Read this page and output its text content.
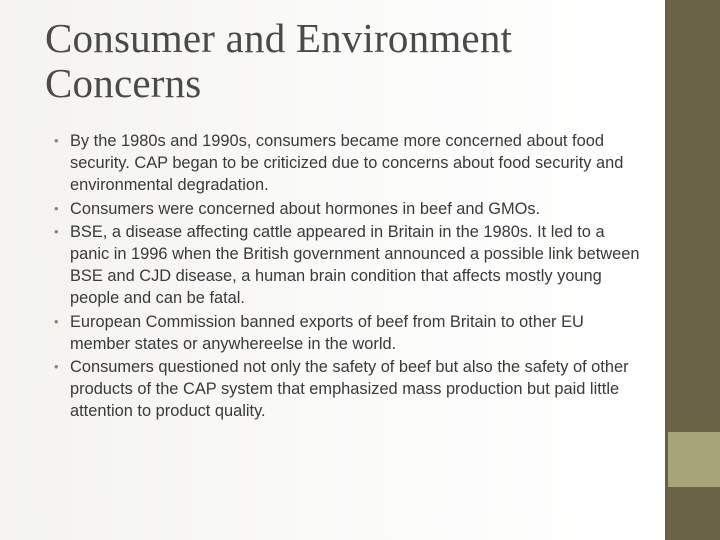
Consumer and Environment Concerns
• By the 1980s and 1990s, consumers became more concerned about food security. CAP began to be criticized due to concerns about food security and environmental degradation.
• Consumers were concerned about hormones in beef and GMOs.
• BSE, a disease affecting cattle appeared in Britain in the 1980s. It led to a panic in 1996 when the British government announced a possible link between BSE and CJD disease, a human brain condition that affects mostly young people and can be fatal.
• European Commission banned exports of beef from Britain to other EU member states or anywhereelse in the world.
• Consumers questioned not only the safety of beef but also the safety of other products of the CAP system that emphasized mass production but paid little attention to product quality.
